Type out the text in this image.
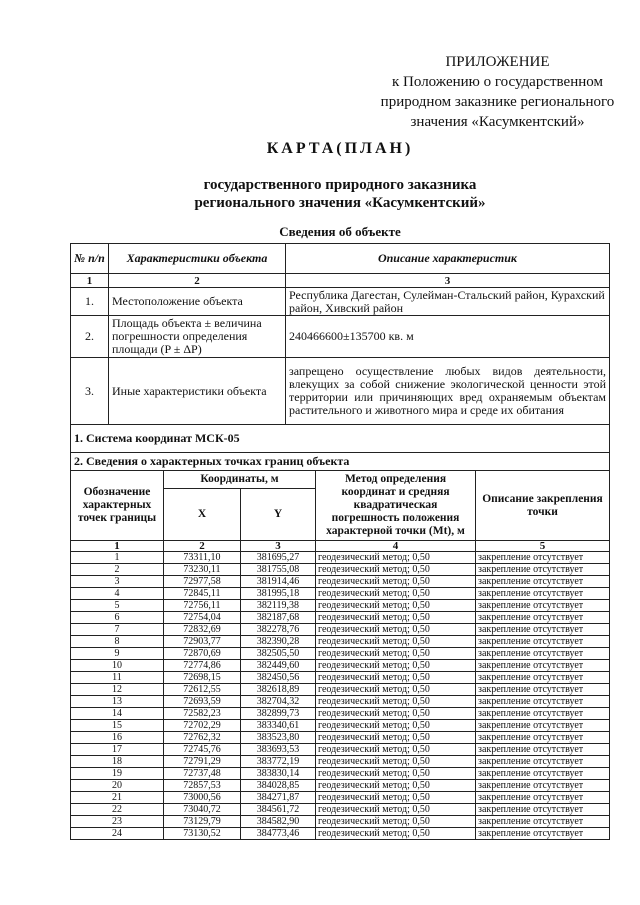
ПРИЛОЖЕНИЕ
к Положению о государственном
природном заказнике регионального
значения «Касумкентский»
КАРТА(ПЛАН)
государственного природного заказника
регионального значения «Касумкентский»
Сведения об объекте
№ п/п	Характеристики объекта	Описание характеристик
1	2	3
1.	Местоположение объекта	Республика Дагестан, Сулейман-Стальский район, Курахский район, Хивский район
2.	Площадь объекта ± величина погрешности определения площади (P ± ΔP)	240466600±135700 кв. м
3.	Иные характеристики объекта	запрещено осуществление любых видов деятельности, влекущих за собой снижение экологической ценности этой территории или причиняющих вред охраняемым объектам растительного и животного мира и среде их обитания
1. Система координат МСК-05				
2. Сведения о характерных точках границ объекта				
Обозначение характерных точек границы	Координаты, м		Метод определения координат и средняя квадратическая погрешность положения характерной точки (Mt), м	Описание закрепления точки
	X	Y		
1	2	3	4	5
1	73311,10	381695,27	геодезический метод; 0,50	закрепление отсутствует
2	73230,11	381755,08	геодезический метод; 0,50	закрепление отсутствует
3	72977,58	381914,46	геодезический метод; 0,50	закрепление отсутствует
4	72845,11	381995,18	геодезический метод; 0,50	закрепление отсутствует
5	72756,11	382119,38	геодезический метод; 0,50	закрепление отсутствует
6	72754,04	382187,68	геодезический метод; 0,50	закрепление отсутствует
7	72832,69	382278,76	геодезический метод; 0,50	закрепление отсутствует
8	72903,77	382390,28	геодезический метод; 0,50	закрепление отсутствует
9	72870,69	382505,50	геодезический метод; 0,50	закрепление отсутствует
10	72774,86	382449,60	геодезический метод; 0,50	закрепление отсутствует
11	72698,15	382450,56	геодезический метод; 0,50	закрепление отсутствует
12	72612,55	382618,89	геодезический метод; 0,50	закрепление отсутствует
13	72693,59	382704,32	геодезический метод; 0,50	закрепление отсутствует
14	72582,23	382899,73	геодезический метод; 0,50	закрепление отсутствует
15	72702,29	383340,61	геодезический метод; 0,50	закрепление отсутствует
16	72762,32	383523,80	геодезический метод; 0,50	закрепление отсутствует
17	72745,76	383693,53	геодезический метод; 0,50	закрепление отсутствует
18	72791,29	383772,19	геодезический метод; 0,50	закрепление отсутствует
19	72737,48	383830,14	геодезический метод; 0,50	закрепление отсутствует
20	72857,53	384028,85	геодезический метод; 0,50	закрепление отсутствует
21	73000,56	384271,87	геодезический метод; 0,50	закрепление отсутствует
22	73040,72	384561,72	геодезический метод; 0,50	закрепление отсутствует
23	73129,79	384582,90	геодезический метод; 0,50	закрепление отсутствует
24	73130,52	384773,46	геодезический метод; 0,50	закрепление отсутствует
